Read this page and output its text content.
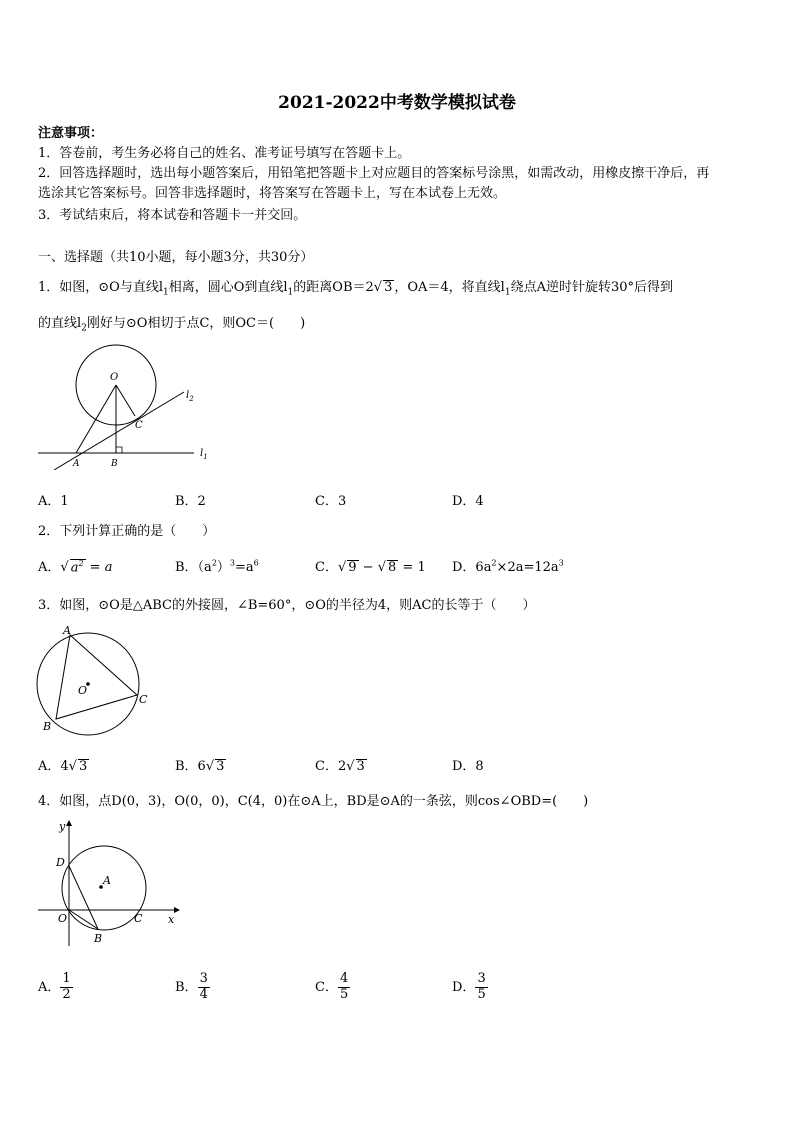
2021-2022中考数学模拟试卷
注意事项：
1．答卷前，考生务必将自己的姓名、准考证号填写在答题卡上。
2．回答选择题时，选出每小题答案后，用铅笔把答题卡上对应题目的答案标号涂黑，如需改动，用橡皮擦干净后，再
选涂其它答案标号。回答非选择题时，将答案写在答题卡上，写在本试卷上无效。
3．考试结束后，将本试卷和答题卡一并交回。
一、选择题（共10小题，每小题3分，共30分）
1．如图，⊙O与直线$l_1$相离，圆心O到直线$l_1$的距离OB＝2√ 3 ，OA＝4，将直线$l_1$绕点A逆时针旋转30°后得到
的直线$l_2$刚好与⊙O相切于点C，则OC＝(　　)
O
C
A	B
$l_2$
$l_1$
A．1	B．2	C．3	D．4
2．下列计算正确的是（　　）
A．√ $a^2 = a$	B．$(a^2)^3=a^6$	C．√ 9 − √ 8 = 1 D．$6a^2\times 2a=12a^3$
3．如图，⊙O是△ABC的外接圆，∠B=60°，⊙O的半径为4，则AC的长等于（　　）
A
B
C
O
A．4√ 3	B．6√ 3	C．2√ 3	D．8
4．如图，点D(0，3)，O(0，0)，C(4，0)在⊙A上，BD是⊙A的一条弦，则cos∠OBD=(　　)
y
x
D
A
O	C
B
A． $\frac{1}{2}$	B． $\frac{3}{4}$	C． $\frac{4}{5}$	D． $\frac{3}{5}$
